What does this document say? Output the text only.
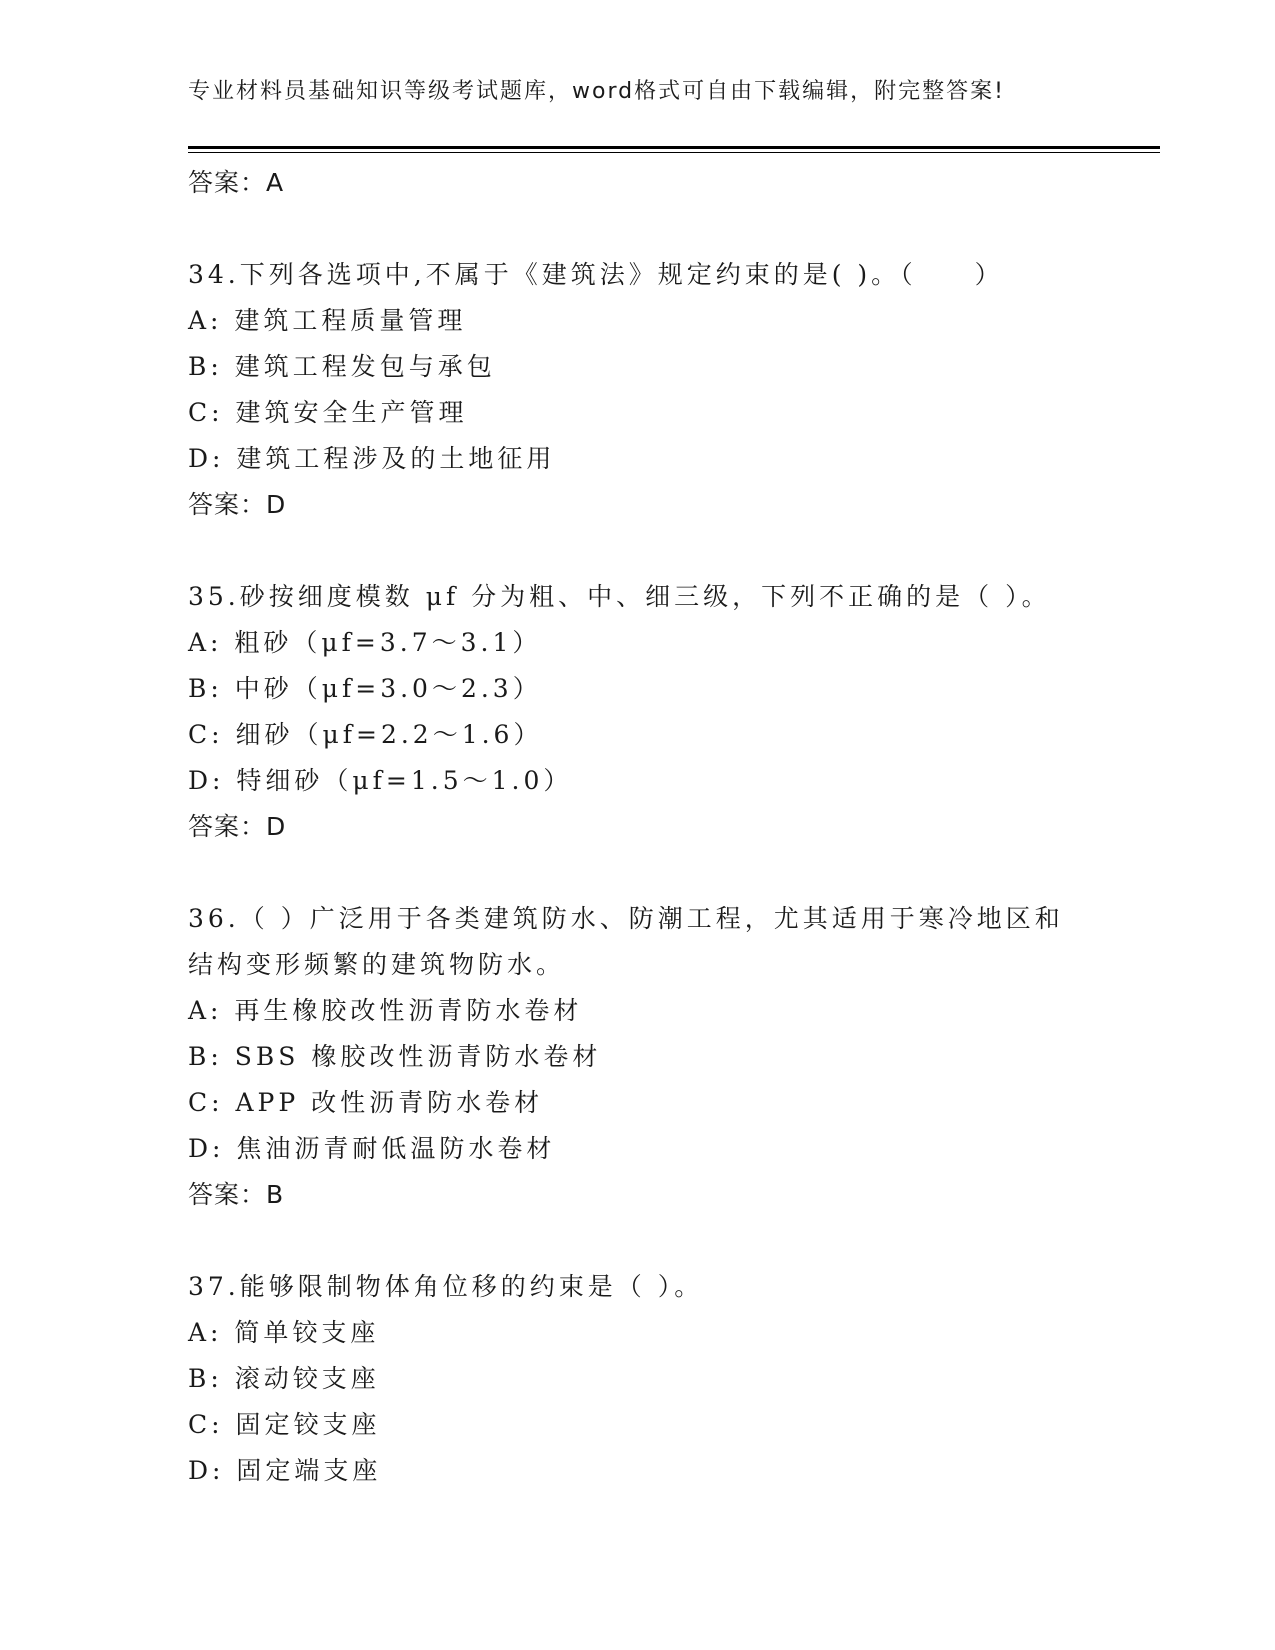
专业材料员基础知识等级考试题库，word格式可自由下载编辑，附完整答案!
答案：A
34.下列各选项中,不属于《建筑法》规定约束的是( )。（　　）
A: 建筑工程质量管理
B: 建筑工程发包与承包
C: 建筑安全生产管理
D: 建筑工程涉及的土地征用
答案：D
35.砂按细度模数 μf 分为粗、中、细三级，下列不正确的是（ ）。
A: 粗砂（μf=3.7～3.1）
B: 中砂（μf=3.0～2.3）
C: 细砂（μf=2.2～1.6）
D: 特细砂（μf=1.5～1.0）
答案：D
36.（ ）广泛用于各类建筑防水、防潮工程，尤其适用于寒冷地区和
结构变形频繁的建筑物防水。
A: 再生橡胶改性沥青防水卷材
B: SBS 橡胶改性沥青防水卷材
C: APP 改性沥青防水卷材
D: 焦油沥青耐低温防水卷材
答案：B
37.能够限制物体角位移的约束是（ ）。
A: 简单铰支座
B: 滚动铰支座
C: 固定铰支座
D: 固定端支座
